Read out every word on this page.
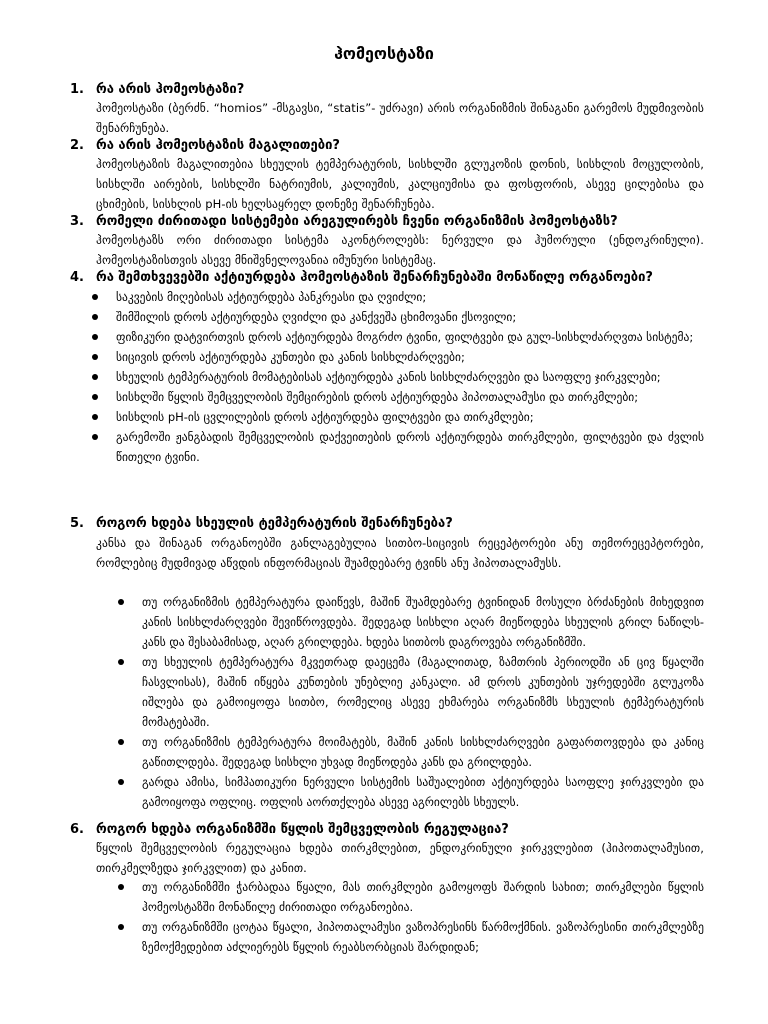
ჰომეოსტაზი
1. რა არის ჰომეოსტაზი?
ჰომეოსტაზი (ბერძნ. “homios” -მსგავსი, “statis”- უძრავი) არის ორგანიზმის შინაგანი გარემოს მუდმივობის შენარჩუნება.
2. რა არის ჰომეოსტაზის მაგალითები?
ჰომეოსტაზის მაგალითებია სხეულის ტემპერატურის, სისხლში გლუკოზის დონის, სისხლის მოცულობის, სისხლში აირების, სისხლში ნატრიუმის, კალიუმის, კალციუმისა და ფოსფორის, ასევე ცილებისა და ცხიმების, სისხლის pH-ის ხელსაყრელ დონეზე შენარჩუნება.
3. რომელი ძირითადი სისტემები არეგულირებს ჩვენი ორგანიზმის ჰომეოსტაზს?
ჰომეოსტაზს ორი ძირითადი სისტემა აკონტროლებს: ნერვული და ჰუმორული (ენდოკრინული). ჰომეოსტაზისთვის ასევე მნიშვნელოვანია იმუნური სისტემაც.
4. რა შემთხვევებში აქტიურდება ჰომეოსტაზის შენარჩუნებაში მონაწილე ორგანოები?
საკვების მიღებისას აქტიურდება პანკრეასი და ღვიძლი;
შიმშილის დროს აქტიურდება ღვიძლი და კანქვეშა ცხიმოვანი ქსოვილი;
ფიზიკური დატვირთვის დროს აქტიურდება მოგრძო ტვინი, ფილტვები და გულ-სისხლძარღვთა სისტემა;
სიცივის დროს აქტიურდება კუნთები და კანის სისხლძარღვები;
სხეულის ტემპერატურის მომატებისას აქტიურდება კანის სისხლძარღვები და საოფლე ჯირკვლები;
სისხლში წყლის შემცველობის შემცირების დროს აქტიურდება ჰიპოთალამუსი და თირკმლები;
სისხლის pH-ის ცვლილების დროს აქტიურდება ფილტვები და თირკმლები;
გარემოში ჟანგბადის შემცველობის დაქვეითების დროს აქტიურდება თირკმლები, ფილტვები და ძვლის წითელი ტვინი.
5. როგორ ხდება სხეულის ტემპერატურის შენარჩუნება?
კანსა და შინაგან ორგანოებში განლაგებულია სითბო-სიცივის რეცეპტორები ანუ თემორეცეპტორები, რომლებიც მუდმივად აწვდის ინფორმაციას შუამდებარე ტვინს ანუ ჰიპოთალამუსს.
თუ ორგანიზმის ტემპერატურა დაიწევს, მაშინ შუამდებარე ტვინიდან მოსული ბრძანების მიხედვით კანის სისხლძარღვები შევიწროვდება. შედეგად სისხლი აღარ მიეწოდება სხეულის გრილ ნაწილს- კანს და შესაბამისად, აღარ გრილდება. ხდება სითბოს დაგროვება ორგანიზმში.
თუ სხეულის ტემპერატურა მკვეთრად დაეცემა (მაგალითად, ზამთრის პერიოდში ან ცივ წყალში ჩასვლისას), მაშინ იწყება კუნთების უნებლიე კანკალი. ამ დროს კუნთების უჯრედებში გლუკოზა იშლება და გამოიყოფა სითბო, რომელიც ასევე ეხმარება ორგანიზმს სხეულის ტემპერატურის მომატებაში.
თუ ორგანიზმის ტემპერატურა მოიმატებს, მაშინ კანის სისხლძარღვები გაფართოვდება და კანიც გაწითლდება. შედეგად სისხლი უხვად მიეწოდება კანს და გრილდება.
გარდა ამისა, სიმპათიკური ნერვული სისტემის საშუალებით აქტიურდება საოფლე ჯირკვლები და გამოიყოფა ოფლიც. ოფლის აორთქლება ასევე აგრილებს სხეულს.
6. როგორ ხდება ორგანიზმში წყლის შემცველობის რეგულაცია?
წყლის შემცველობის რეგულაცია ხდება თირკმლებით, ენდოკრინული ჯირკვლებით (ჰიპოთალამუსით, თირკმელზედა ჯირკვლით) და კანით.
თუ ორგანიზმში ჭარბადაა წყალი, მას თირკმლები გამოყოფს შარდის სახით; თირკმლები წყლის ჰომეოსტაზში მონაწილე ძირითადი ორგანოებია.
თუ ორგანიზმში ცოტაა წყალი, ჰიპოთალამუსი ვაზოპრესინს წარმოქმნის. ვაზოპრესინი თირკმლებზე ზემოქმედებით აძლიერებს წყლის რეაბსორბციას შარდიდან;
